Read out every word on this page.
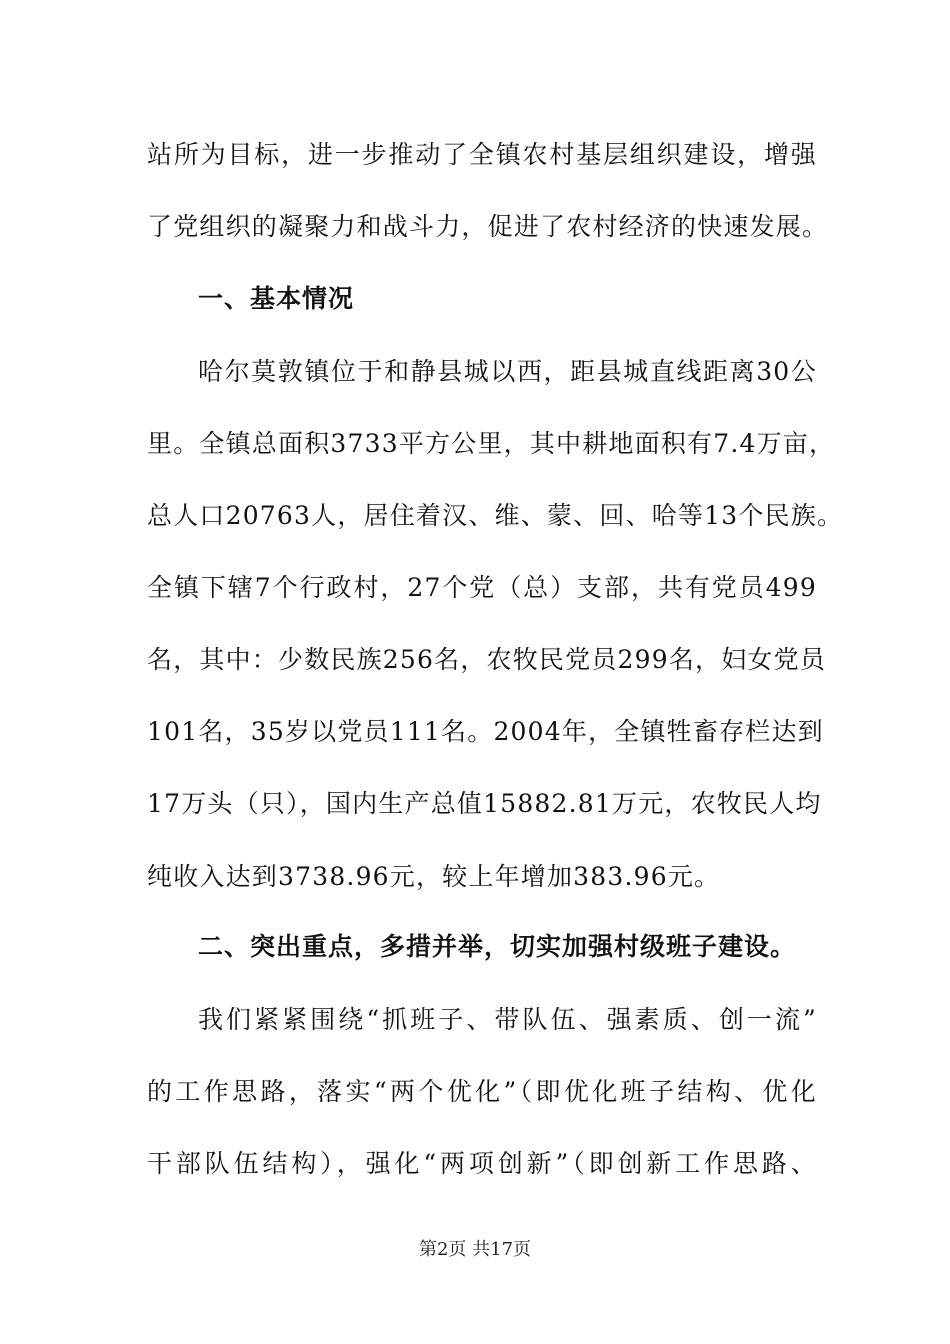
站所为目标，进一步推动了全镇农村基层组织建设，增强
了党组织的凝聚力和战斗力，促进了农村经济的快速发展。
一、基本情况
哈尔莫敦镇位于和静县城以西，距县城直线距离30公
里。全镇总面积3733平方公里，其中耕地面积有7.4万亩，
总人口20763人，居住着汉、维、蒙、回、哈等13个民族。
全镇下辖7个行政村，27个党（总）支部，共有党员499
名，其中：少数民族256名，农牧民党员299名，妇女党员
101名，35岁以党员111名。2004年，全镇牲畜存栏达到
17万头（只），国内生产总值15882.81万元，农牧民人均
纯收入达到3738.96元，较上年增加383.96元。
二、突出重点，多措并举，切实加强村级班子建设。
我们紧紧围绕“抓班子、带队伍、强素质、创一流”
的工作思路，落实“两个优化”（即优化班子结构、优化
干部队伍结构），强化“两项创新”（即创新工作思路、
第2页 共17页
